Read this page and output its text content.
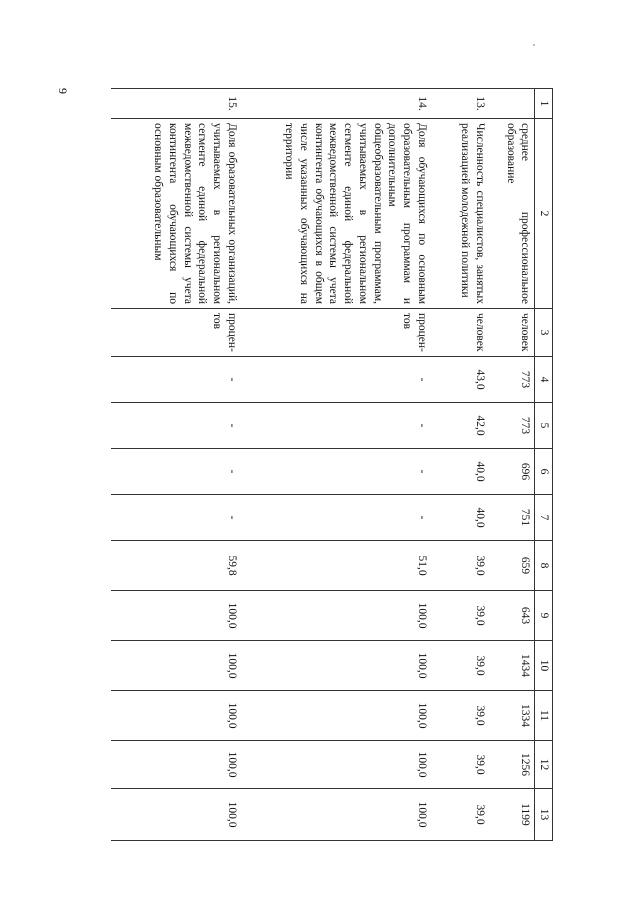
9
1	2	3	4	5	6	7	8	9	10	11	12	13
	среднее профессиональное образование	человек	773	773	696	751	659	643	1434	1334	1256	1199
13.	Численность специалистов, занятых реализацией молодежной политики	человек	43,0	42,0	40,0	40,0	39,0	39,0	39,0	39,0	39,0	39,0
14.	Доля обучающихся по основным образовательным программам и дополнительным общеобразовательным программам, учитываемых в региональном сегменте единой федеральной межведомственной системы учета контингента обучающихся в общем числе указанных обучающихся на территории	процен-тов	-	-	-	-	51,0	100,0	100,0	100,0	100,0	100,0
15.	Доля образовательных организаций, учитываемых в региональном сегменте единой федеральной межведомственной системы учета контингента обучающихся по основным образовательным	процен-тов	-	-	-	-	59,8	100,0	100,0	100,0	100,0	100,0
